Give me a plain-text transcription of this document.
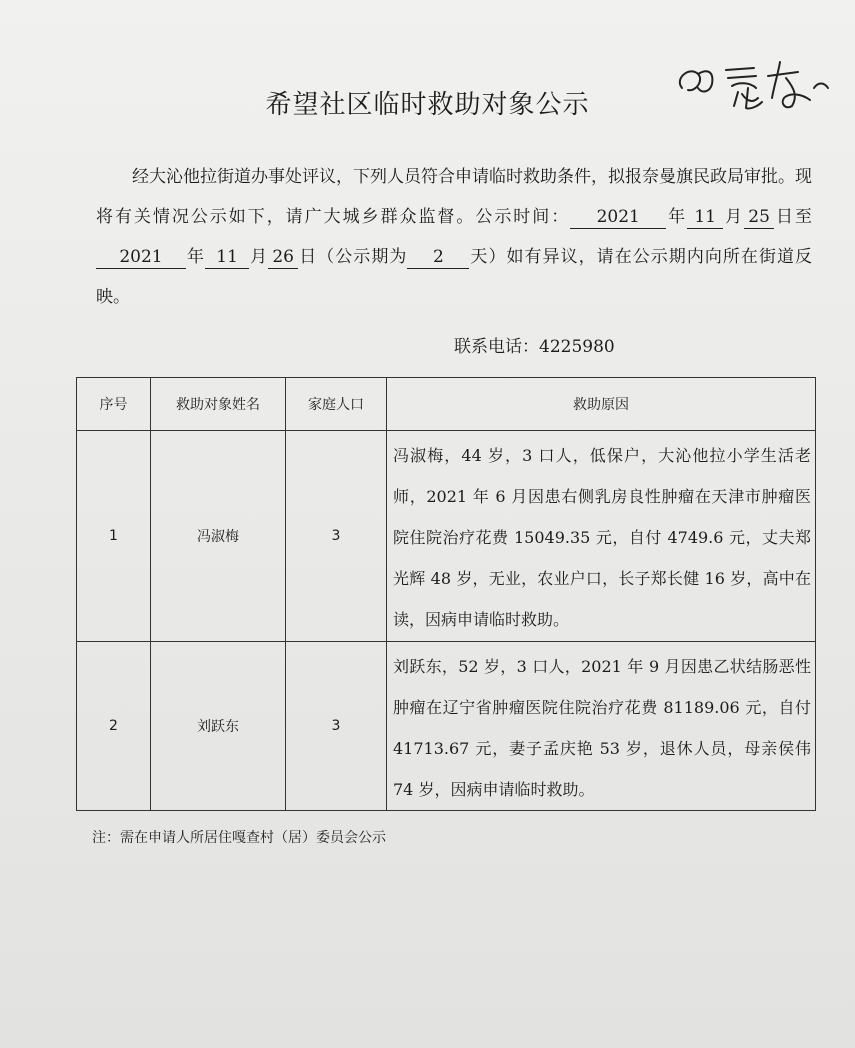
希望社区临时救助对象公示

经大沁他拉街道办事处评议，下列人员符合申请临时救助条件，拟报奈曼旗民政局审批。现将有关情况公示如下，请广大城乡群众监督。公示时间： 2021 年 11 月 25 日至2021 年 11 月 26 日（公示期为 2 天）如有异议，请在公示期内向所在街道反映。

联系电话：4225980
序号	救助对象姓名	家庭人口	救助原因
1	冯淑梅	3	冯淑梅，44 岁，3 口人，低保户，大沁他拉小学生活老师，2021 年 6 月因患右侧乳房良性肿瘤在天津市肿瘤医院住院治疗花费 15049.35 元，自付 4749.6 元，丈夫郑光辉 48 岁，无业，农业户口，长子郑长健 16 岁，高中在读，因病申请临时救助。
2	刘跃东	3	刘跃东，52 岁，3 口人，2021 年 9 月因患乙状结肠恶性肿瘤在辽宁省肿瘤医院住院治疗花费 81189.06 元，自付 41713.67 元，妻子孟庆艳 53 岁，退休人员，母亲侯伟 74 岁，因病申请临时救助。
注：需在申请人所居住嘎查村（居）委员会公示
